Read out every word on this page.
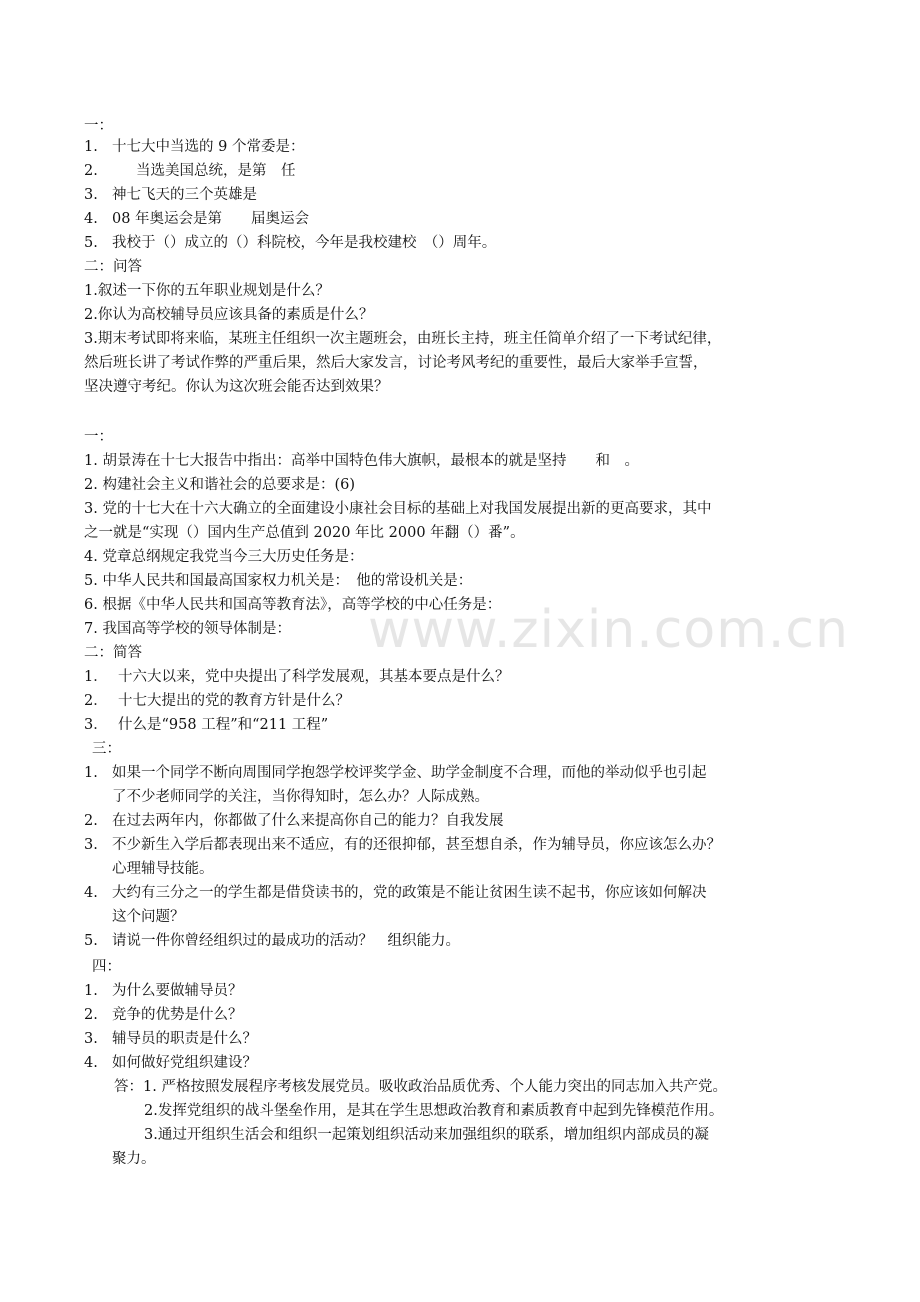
www.zixin.com.cn
一：
1. 十七大中当选的 9 个常委是：
2.	当选美国总统，是第　任
3. 神七飞天的三个英雄是
4. 08 年奥运会是第　　届奥运会
5. 我校于（）成立的（）科院校，今年是我校建校　（）周年。
二：问答
1.叙述一下你的五年职业规划是什么？
2.你认为高校辅导员应该具备的素质是什么？
3.期末考试即将来临，某班主任组织一次主题班会，由班长主持，班主任简单介绍了一下考试纪律，
然后班长讲了考试作弊的严重后果，然后大家发言，讨论考风考纪的重要性，最后大家举手宣誓，
坚决遵守考纪。你认为这次班会能否达到效果？
一：
1. 胡景涛在十七大报告中指出：高举中国特色伟大旗帜，最根本的就是坚持　　和　。
2. 构建社会主义和谐社会的总要求是：(6)
3. 党的十七大在十六大确立的全面建设小康社会目标的基础上对我国发展提出新的更高要求，其中
之一就是“实现（）国内生产总值到 2020 年比 2000 年翻（）番”。
4. 党章总纲规定我党当今三大历史任务是：
5. 中华人民共和国最高国家权力机关是：　他的常设机关是：
6. 根据《中华人民共和国高等教育法》，高等学校的中心任务是：
7. 我国高等学校的领导体制是：
二：简答
1． 十六大以来，党中央提出了科学发展观，其基本要点是什么？
2． 十七大提出的党的教育方针是什么？
3． 什么是“958 工程”和“211 工程”
三：
1. 如果一个同学不断向周围同学抱怨学校评奖学金、助学金制度不合理，而他的举动似乎也引起
了不少老师同学的关注，当你得知时，怎么办？人际成熟。
2. 在过去两年内，你都做了什么来提高你自己的能力？自我发展
3. 不少新生入学后都表现出来不适应，有的还很抑郁，甚至想自杀，作为辅导员，你应该怎么办？
心理辅导技能。
4. 大约有三分之一的学生都是借贷读书的，党的政策是不能让贫困生读不起书，你应该如何解决
这个问题？
5. 请说一件你曾经组织过的最成功的活动？　组织能力。
四：
1. 为什么要做辅导员？
2. 竞争的优势是什么？
3. 辅导员的职责是什么？
4. 如何做好党组织建设？
答：1. 严格按照发展程序考核发展党员。吸收政治品质优秀、个人能力突出的同志加入共产党。
2.发挥党组织的战斗堡垒作用，是其在学生思想政治教育和素质教育中起到先锋模范作用。
3.通过开组织生活会和组织一起策划组织活动来加强组织的联系，增加组织内部成员的凝
聚力。
